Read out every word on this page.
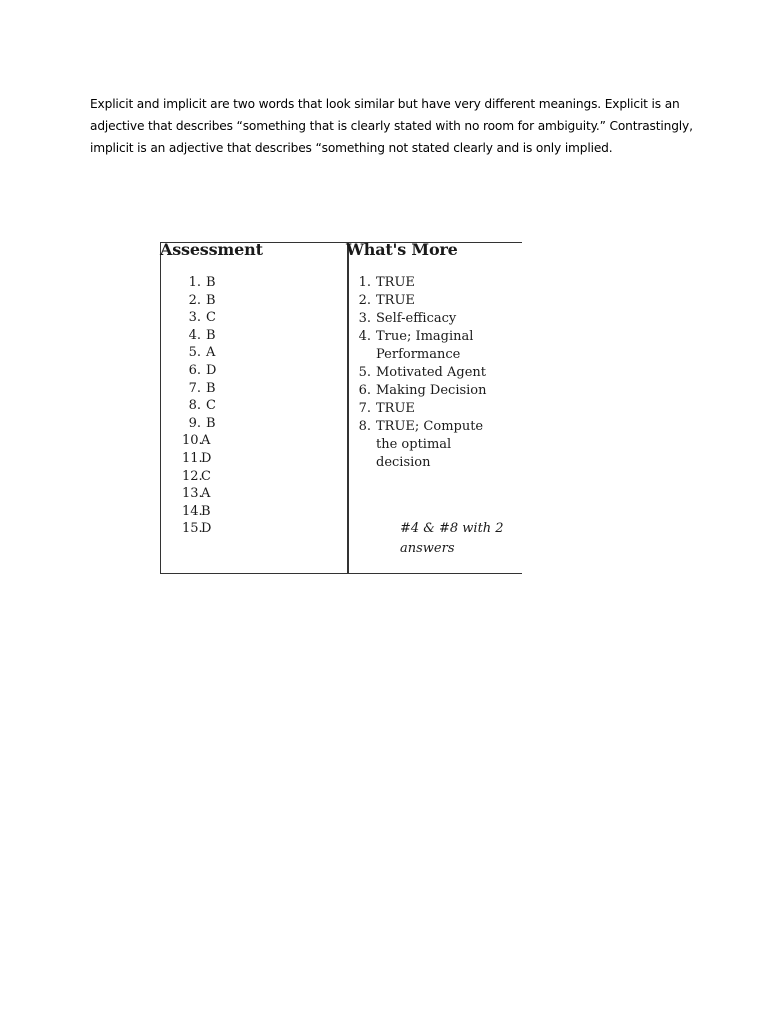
Explicit and implicit are two words that look similar but have very different meanings. Explicit is an
adjective that describes “something that is clearly stated with no room for ambiguity.” Contrastingly,
implicit is an adjective that describes “something not stated clearly and is only implied.
Assessment
1. B
2. B
3. C
4. B
5. A
6. D
7. B
8. C
9. B
10.
A
11.
D
12.
C
13.
A
14.
B
15.
D
What's More
1. TRUE
2. TRUE
3. Self-efficacy
4. True; Imaginal Performance
5. Motivated Agent
6. Making Decision
7. TRUE
8. TRUE; Compute the optimal decision
#4 & #8 with 2 answers
